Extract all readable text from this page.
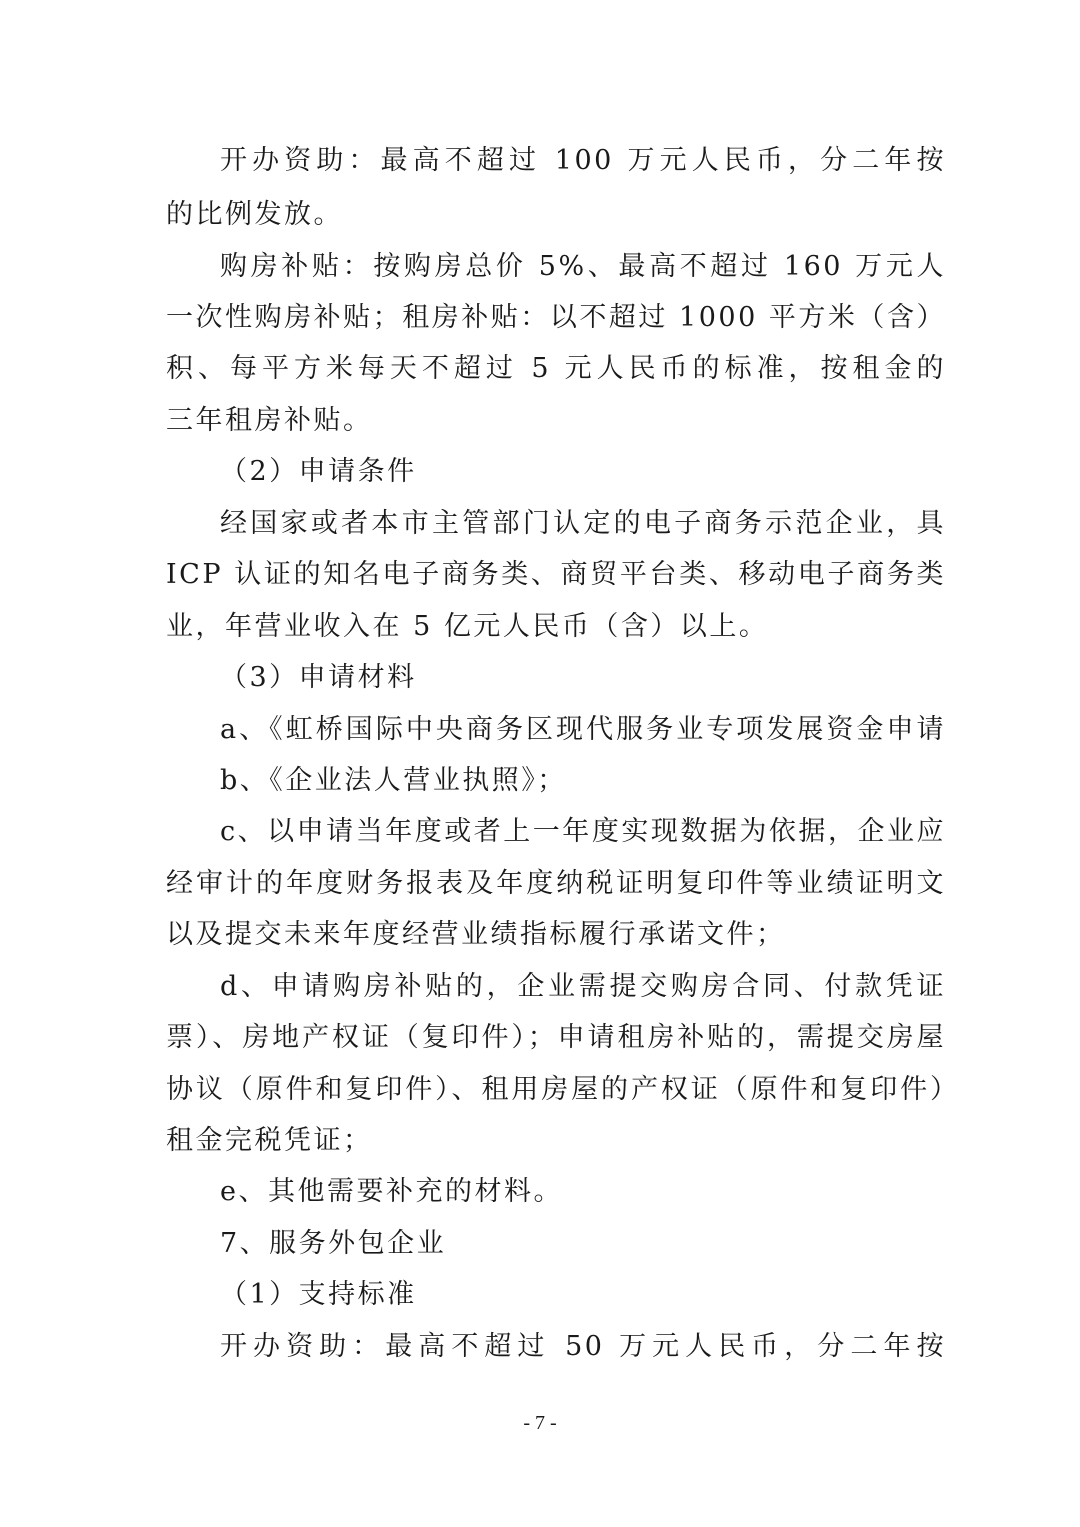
开办资助：最高不超过 100 万元人民币，分二年按
的比例发放。
购房补贴：按购房总价 5%、最高不超过 160 万元人
一次性购房补贴；租房补贴：以不超过 1000 平方米（含）
积、每平方米每天不超过 5 元人民币的标准，按租金的
三年租房补贴。
（2）申请条件
经国家或者本市主管部门认定的电子商务示范企业，具
ICP 认证的知名电子商务类、商贸平台类、移动电子商务类
业，年营业收入在 5 亿元人民币（含）以上。
（3）申请材料
a、《虹桥国际中央商务区现代服务业专项发展资金申请
b、《企业法人营业执照》；
c、以申请当年度或者上一年度实现数据为依据，企业应
经审计的年度财务报表及年度纳税证明复印件等业绩证明文
以及提交未来年度经营业绩指标履行承诺文件；
d、申请购房补贴的，企业需提交购房合同、付款凭证
票）、房地产权证（复印件）；申请租房补贴的，需提交房屋
协议（原件和复印件）、租用房屋的产权证（原件和复印件）
租金完税凭证；
e、其他需要补充的材料。
7、服务外包企业
（1）支持标准
开办资助：最高不超过 50 万元人民币，分二年按
- 7 -
